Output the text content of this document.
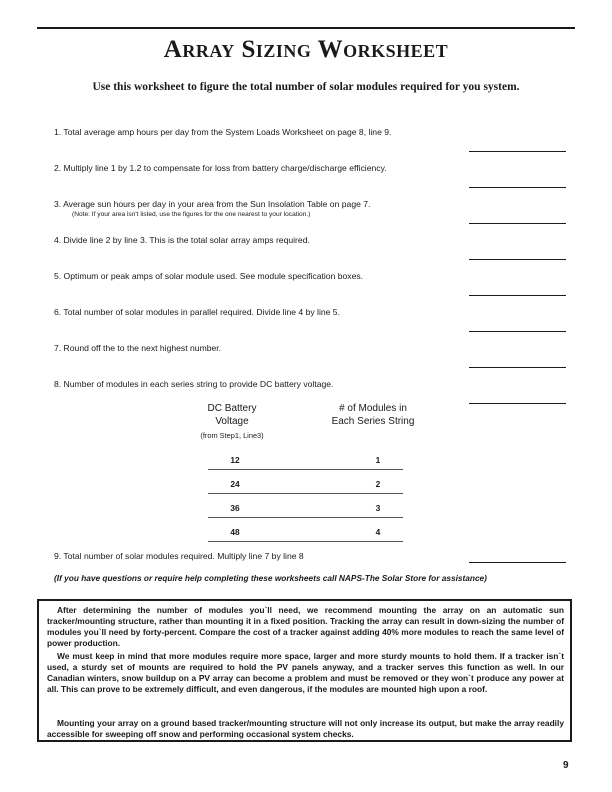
Array Sizing Worksheet
Use this worksheet to figure the total number of solar modules required for you system.
1. Total average amp hours per day from the System Loads Worksheet on page 8, line 9.
2. Multiply line 1 by 1.2 to compensate for loss from battery charge/discharge efficiency.
3. Average sun hours per day in your area from the Sun Insolation Table on page 7.
(Note: If your area isn't listed, use the figures for the one nearest to your location.)
4. Divide line 2 by line 3. This is the total solar array amps required.
5. Optimum or peak amps of solar module used. See module specification boxes.
6. Total number of solar modules in parallel required. Divide line 4 by line 5.
7. Round off the to the next highest number.
8. Number of modules in each series string to provide DC battery voltage.
DC Battery
Voltage
(from Step1, Line3)
# of Modules in
Each Series String
12	1
24	2
36	3
48	4
9. Total number of solar modules required. Multiply line 7 by line 8
(If you have questions or require help completing these worksheets call NAPS-The Solar Store for assistance)

After determining the number of modules you`ll need, we recommend mounting the array on an automatic sun tracker/mounting structure, rather than mounting it in a fixed position. Tracking the array can result in down-sizing the number of modules you`ll need by forty-percent. Compare the cost of a tracker against adding 40% more modules to reach the same level of power production.

We must keep in mind that more modules require more space, larger and more sturdy mounts to hold them. If a tracker isn`t used, a sturdy set of mounts are required to hold the PV panels anyway, and a tracker serves this function as well. In our Canadian winters, snow buildup on a PV array can become a problem and must be removed or they won`t produce any power at all. This can prove to be extremely difficult, and even dangerous, if the modules are mounted high upon a roof.

Mounting your array on a ground based tracker/mounting structure will not only increase its output, but make the array readily accessible for sweeping off snow and performing occasional system checks.

9
